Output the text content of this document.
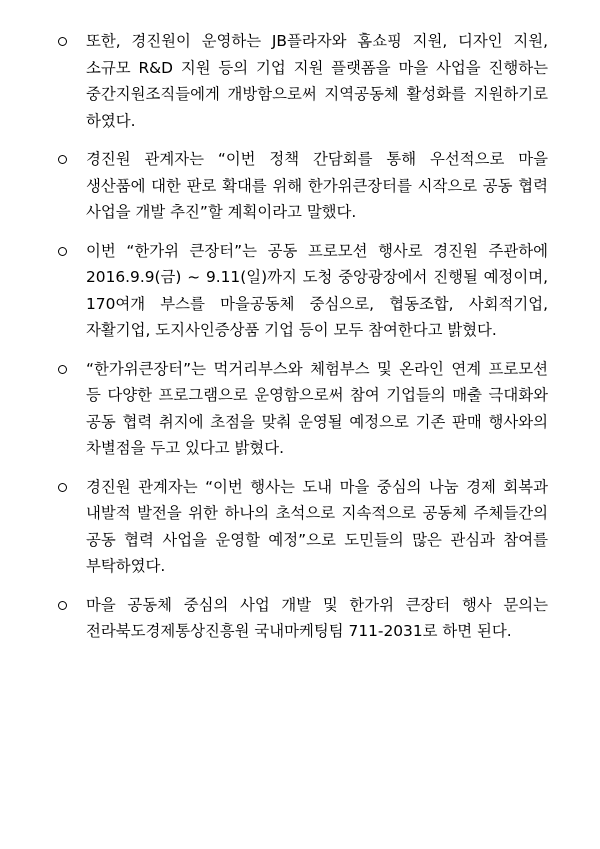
또한, 경진원이 운영하는 JB플라자와 홈쇼핑 지원, 디자인 지원, 소규모 R&D 지원 등의 기업 지원 플랫폼을 마을 사업을 진행하는 중간지원조직들에게 개방함으로써 지역공동체 활성화를 지원하기로 하였다.
경진원 관계자는 “이번 정책 간담회를 통해 우선적으로 마을 생산품에 대한 판로 확대를 위해 한가위큰장터를 시작으로 공동 협력 사업을 개발 추진”할 계획이라고 말했다.
이번 “한가위 큰장터”는 공동 프로모션 행사로 경진원 주관하에 2016.9.9(금) ~ 9.11(일)까지 도청 중앙광장에서 진행될 예정이며, 170여개 부스를 마을공동체 중심으로, 협동조합, 사회적기업, 자활기업, 도지사인증상품 기업 등이 모두 참여한다고 밝혔다.
“한가위큰장터”는 먹거리부스와 체험부스 및 온라인 연계 프로모션 등 다양한 프로그램으로 운영함으로써 참여 기업들의 매출 극대화와 공동 협력 취지에 초점을 맞춰 운영될 예정으로 기존 판매 행사와의 차별점을 두고 있다고 밝혔다.
경진원 관계자는 “이번 행사는 도내 마을 중심의 나눔 경제 회복과 내발적 발전을 위한 하나의 초석으로 지속적으로 공동체 주체들간의 공동 협력 사업을 운영할 예정”으로 도민들의 많은 관심과 참여를 부탁하였다.
마을 공동체 중심의 사업 개발 및 한가위 큰장터 행사 문의는 전라북도경제통상진흥원 국내마케팅팀 711-2031로 하면 된다.
